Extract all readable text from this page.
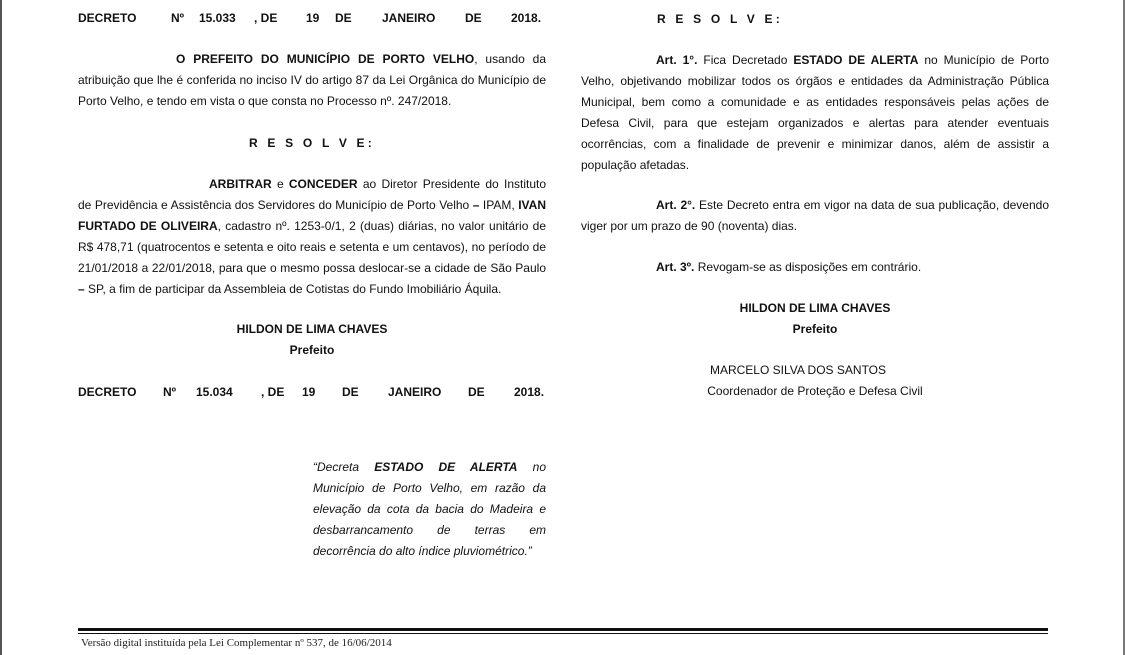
DECRETO	Nº 15.033 , DE 19 DE	JANEIRO DE 2018.

O PREFEITO DO MUNICÍPIO DE PORTO VELHO, usando da atribuição que lhe é conferida no inciso IV do artigo 87 da Lei Orgânica do Município de Porto Velho, e tendo em vista o que consta no Processo nº. 247/2018.

R E S O L V E:

ARBITRAR e CONCEDER ao Diretor Presidente do Instituto de Previdência e Assistência dos Servidores do Município de Porto Velho – IPAM, IVAN FURTADO DE OLIVEIRA, cadastro nº. 1253-0/1, 2 (duas) diárias, no valor unitário de R$ 478,71 (quatrocentos e setenta e oito reais e setenta e um centavos), no período de 21/01/2018 a 22/01/2018, para que o mesmo possa deslocar-se a cidade de São Paulo – SP, a fim de participar da Assembleia de Cotistas do Fundo Imobiliário Áquila.

HILDON DE LIMA CHAVES

Prefeito

DECRETO Nº 15.034 , DE 19 DE JANEIRO DE 2018.

“Decreta ESTADO DE ALERTA no Município de Porto Velho, em razão da elevação da cota da bacia do Madeira e desbarrancamento de terras em decorrência do alto índice pluviométrico.”

R E S O L V E:

Art. 1°. Fica Decretado ESTADO DE ALERTA no Município de Porto Velho, objetivando mobilizar todos os órgãos e entidades da Administração Pública Municipal, bem como a comunidade e as entidades responsáveis pelas ações de Defesa Civil, para que estejam organizados e alertas para atender eventuais ocorrências, com a finalidade de prevenir e minimizar danos, além de assistir a população afetadas.

Art. 2°. Este Decreto entra em vigor na data de sua publicação, devendo viger por um prazo de 90 (noventa) dias.

Art. 3º. Revogam-se as disposições em contrário.

HILDON DE LIMA CHAVES

Prefeito

MARCELO SILVA DOS SANTOS

Coordenador de Proteção e Defesa Civil

Versão digital instituída pela Lei Complementar nº 537, de 16/06/2014
